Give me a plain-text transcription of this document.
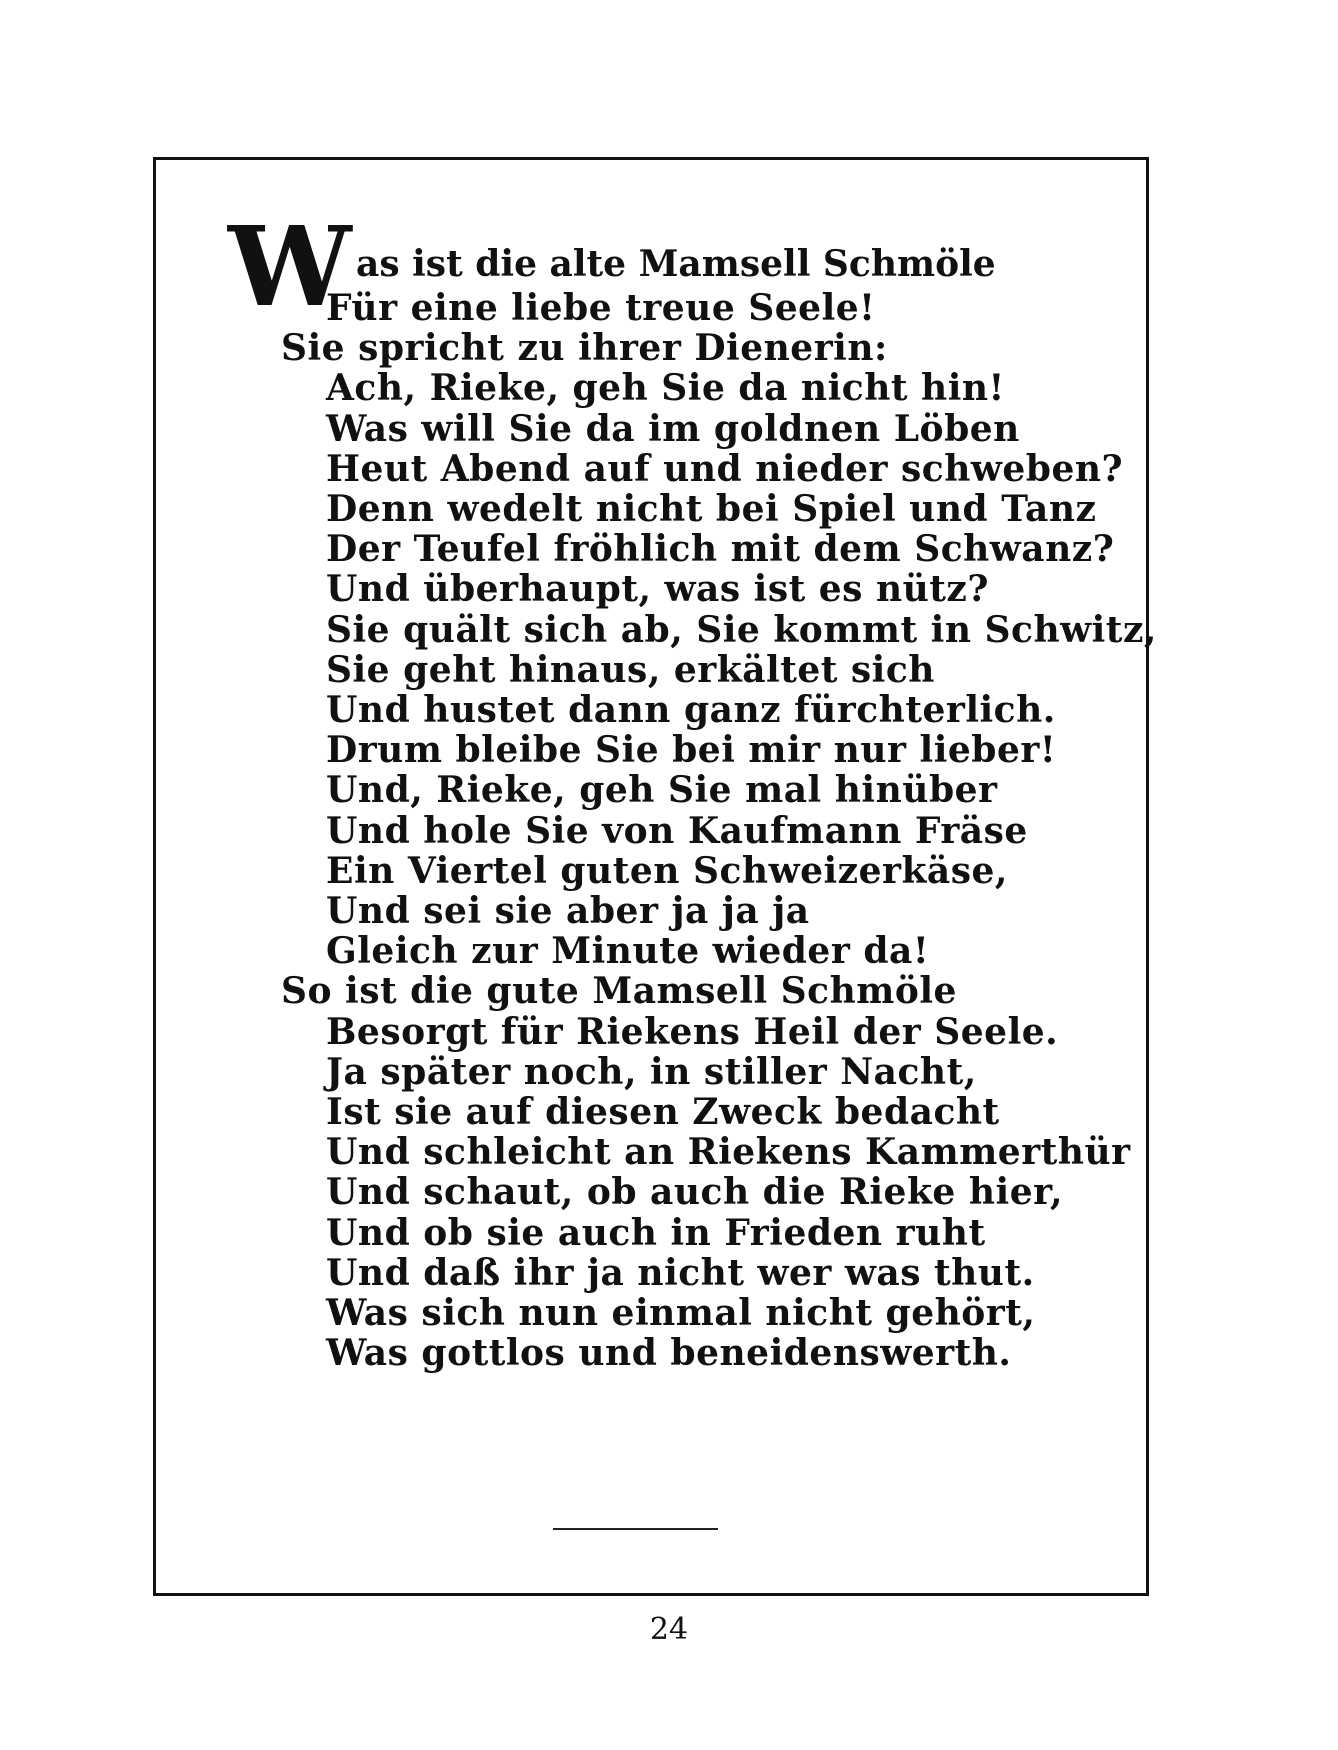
W as ist die alte Mamsell Schmöle
Für eine liebe treue Seele!
Sie spricht zu ihrer Dienerin:
Ach, Rieke, geh Sie da nicht hin!
Was will Sie da im goldnen Löben
Heut Abend auf und nieder schweben?
Denn wedelt nicht bei Spiel und Tanz
Der Teufel fröhlich mit dem Schwanz?
Und überhaupt, was ist es nütz?
Sie quält sich ab, Sie kommt in Schwitz,
Sie geht hinaus, erkältet sich
Und hustet dann ganz fürchterlich.
Drum bleibe Sie bei mir nur lieber!
Und, Rieke, geh Sie mal hinüber
Und hole Sie von Kaufmann Fräse
Ein Viertel guten Schweizerkäse,
Und sei sie aber ja ja ja
Gleich zur Minute wieder da!
So ist die gute Mamsell Schmöle
Besorgt für Riekens Heil der Seele.
Ja später noch, in stiller Nacht,
Ist sie auf diesen Zweck bedacht
Und schleicht an Riekens Kammerthür
Und schaut, ob auch die Rieke hier,
Und ob sie auch in Frieden ruht
Und daß ihr ja nicht wer was thut.
Was sich nun einmal nicht gehört,
Was gottlos und beneidenswerth.
24
